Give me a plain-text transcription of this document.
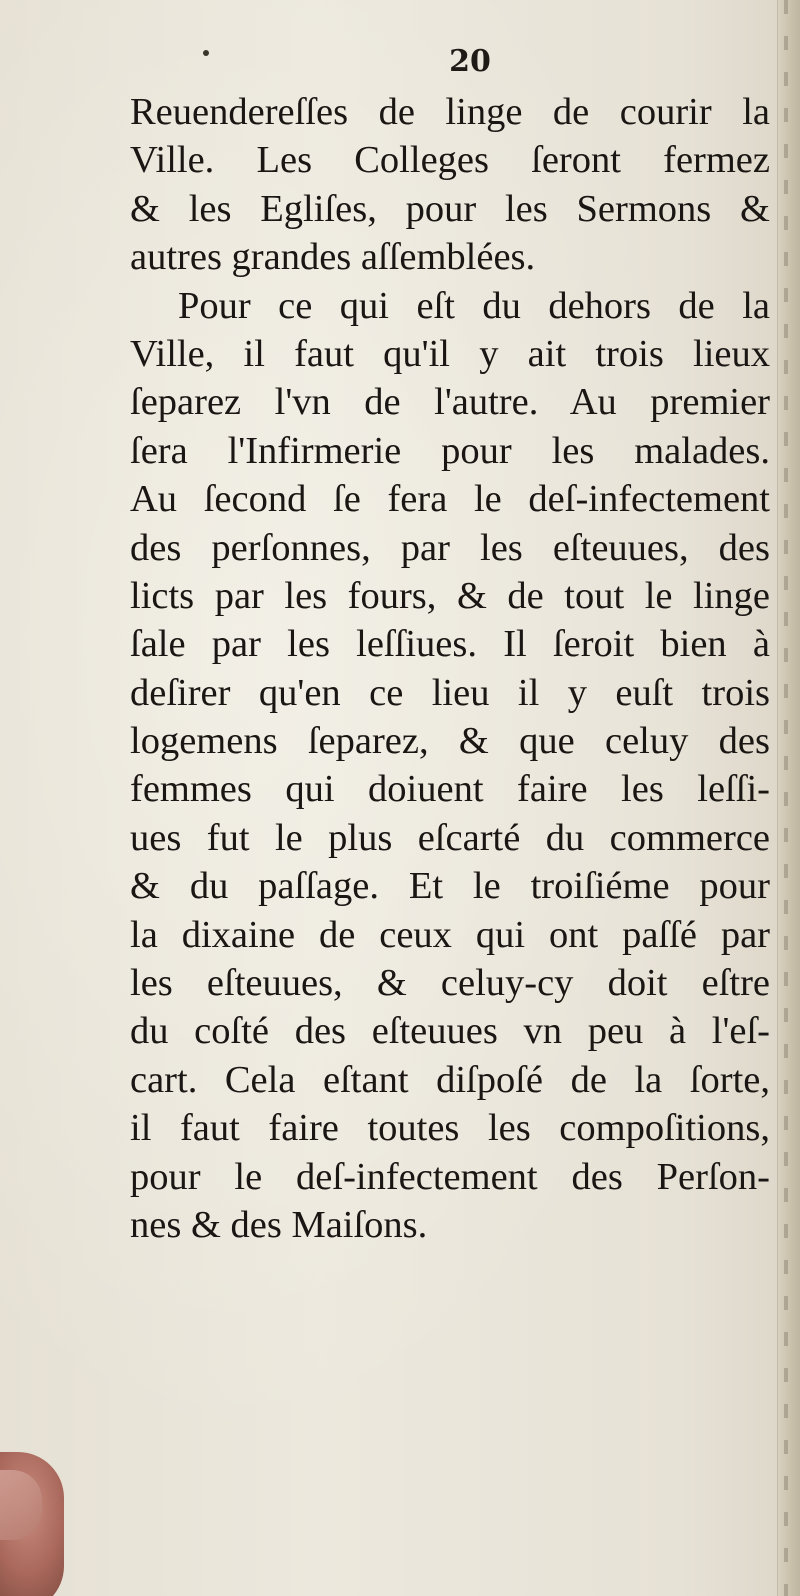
20
Reuendereſſes de linge de courir la
Ville. Les Colleges ſeront fermez
& les Egliſes, pour les Sermons &
autres grandes aſſemblées.
Pour ce qui eſt du dehors de la
Ville, il faut qu'il y ait trois lieux
ſeparez l'vn de l'autre. Au premier
ſera l'Infirmerie pour les malades.
Au ſecond ſe fera le deſ-infectement
des perſonnes, par les eſteuues, des
licts par les fours, & de tout le linge
ſale par les leſſiues. Il ſeroit bien à
deſirer qu'en ce lieu il y euſt trois
logemens ſeparez, & que celuy des
femmes qui doiuent faire les leſſi-
ues fut le plus eſcarté du commerce
& du paſſage. Et le troiſiéme pour
la dixaine de ceux qui ont paſſé par
les eſteuues, & celuy-cy doit eſtre
du coſté des eſteuues vn peu à l'eſ-
cart. Cela eſtant diſpoſé de la ſorte,
il faut faire toutes les compoſitions,
pour le deſ-infectement des Perſon-
nes & des Maiſons.
